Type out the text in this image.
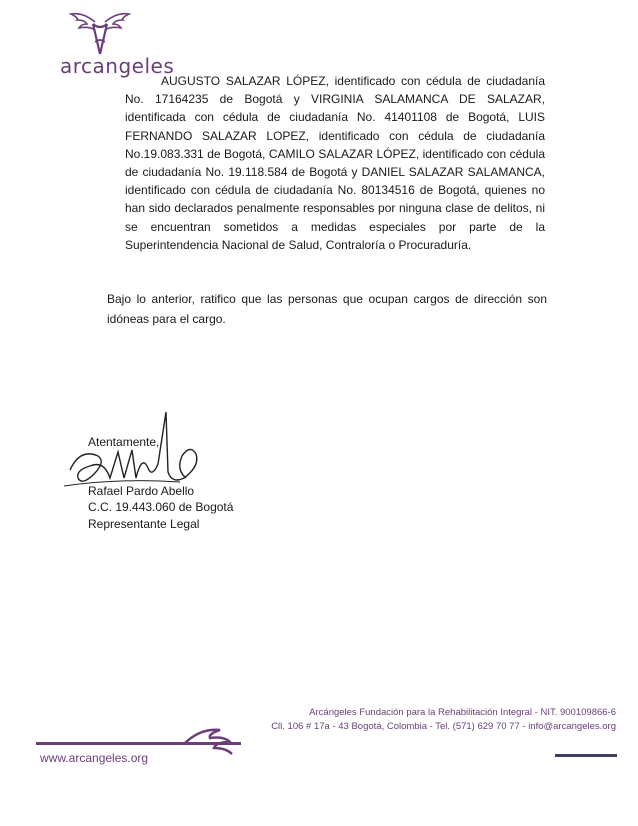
arcangeles
AUGUSTO SALAZAR LÓPEZ, identificado con cédula de ciudadanía No. 17164235 de Bogotá y VIRGINIA SALAMANCA DE SALAZAR, identificada con cédula de ciudadanía No. 41401108 de Bogotá, LUIS FERNANDO SALAZAR LOPEZ, identificado con cédula de ciudadanía No.19.083.331 de Bogotá, CAMILO SALAZAR LÓPEZ, identificado con cédula de ciudadanía No. 19.118.584 de Bogotá y DANIEL SALAZAR SALAMANCA, identificado con cédula de ciudadanía No. 80134516 de Bogotá, quienes no han sido declarados penalmente responsables por ninguna clase de delitos, ni se encuentran sometidos a medidas especiales por parte de la Superintendencia Nacional de Salud, Contraloría o Procuraduría.
Bajo lo anterior, ratifico que las personas que ocupan cargos de dirección son idóneas para el cargo.
Atentamente,
Rafael Pardo Abello
C.C. 19.443.060 de Bogotá
Representante Legal
www.arcangeles.org
Arcángeles Fundación para la Rehabilitación Integral - NIT. 900109866-6
Cll. 106 # 17a - 43 Bogotá, Colombia - Tel. (571) 629 70 77 - info@arcangeles.org
